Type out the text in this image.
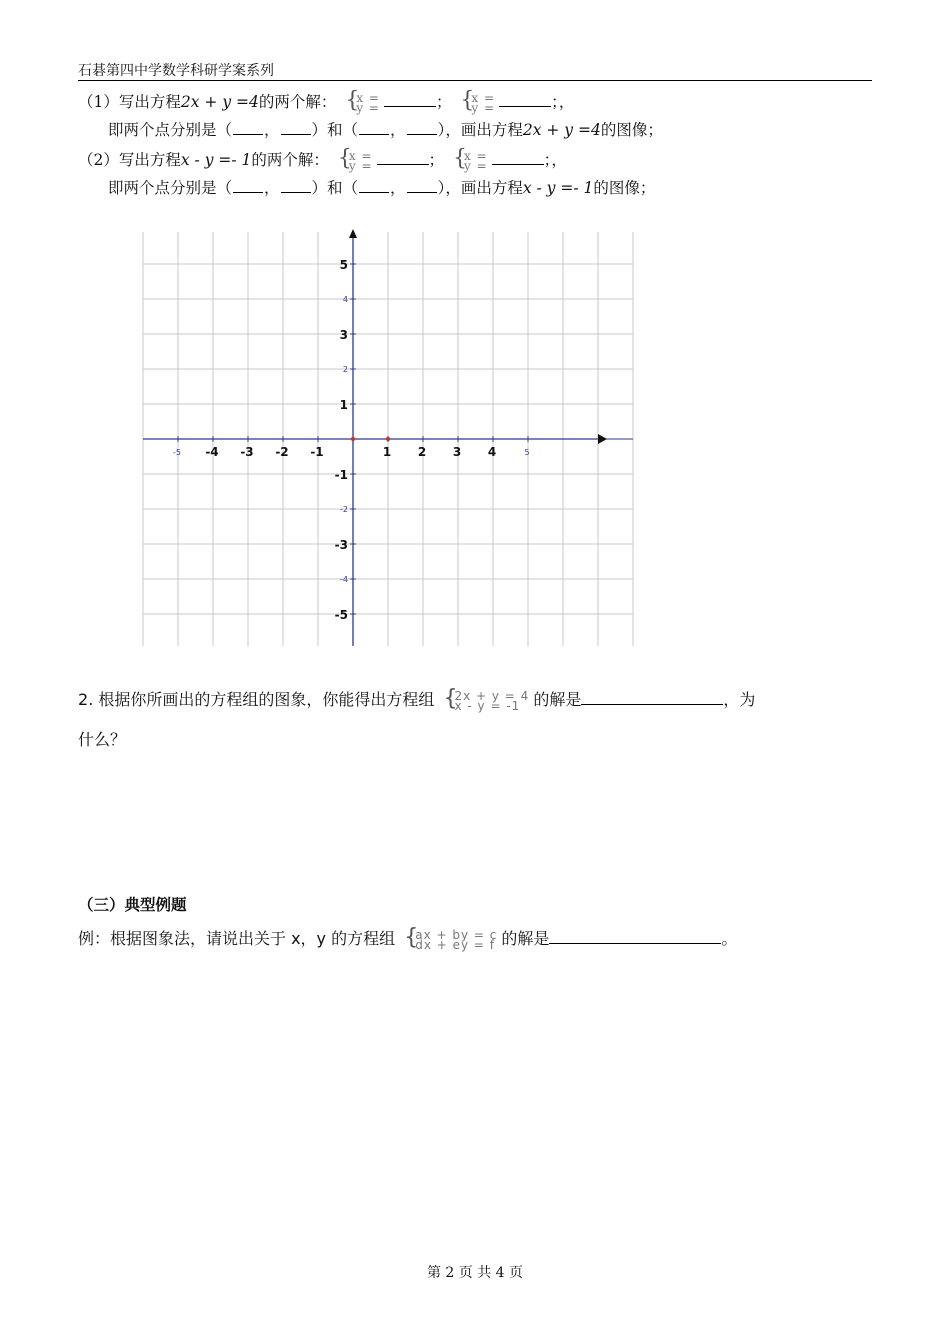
石碁第四中学数学科研学案系列
（1）写出方程2x + y =4的两个解： {
x =
y =	； {
x =
y =	；，
即两个点分别是（ ， ）和（ ， ），画出方程2x + y =4的图像；
（2）写出方程x - y =- 1的两个解： {
x =
y =	； {
x =
y =	；，
即两个点分别是（ ， ）和（ ， ），画出方程x - y =- 1的图像；
-5 -4 -3 -2 -1	1 2 3 4	5
5
4
3
2
1
-1
-2
-3
-4
-5
2. 根据你所画出的方程组的图象，你能得出方程组 {
2x + y = 4
x - y = -1 的解是	，为
什么？
（三）典型例题
例：根据图象法，请说出关于 x，y 的方程组 {
ax + by = c
dx + ey = f 的解是	。
第 2 页 共 4 页
